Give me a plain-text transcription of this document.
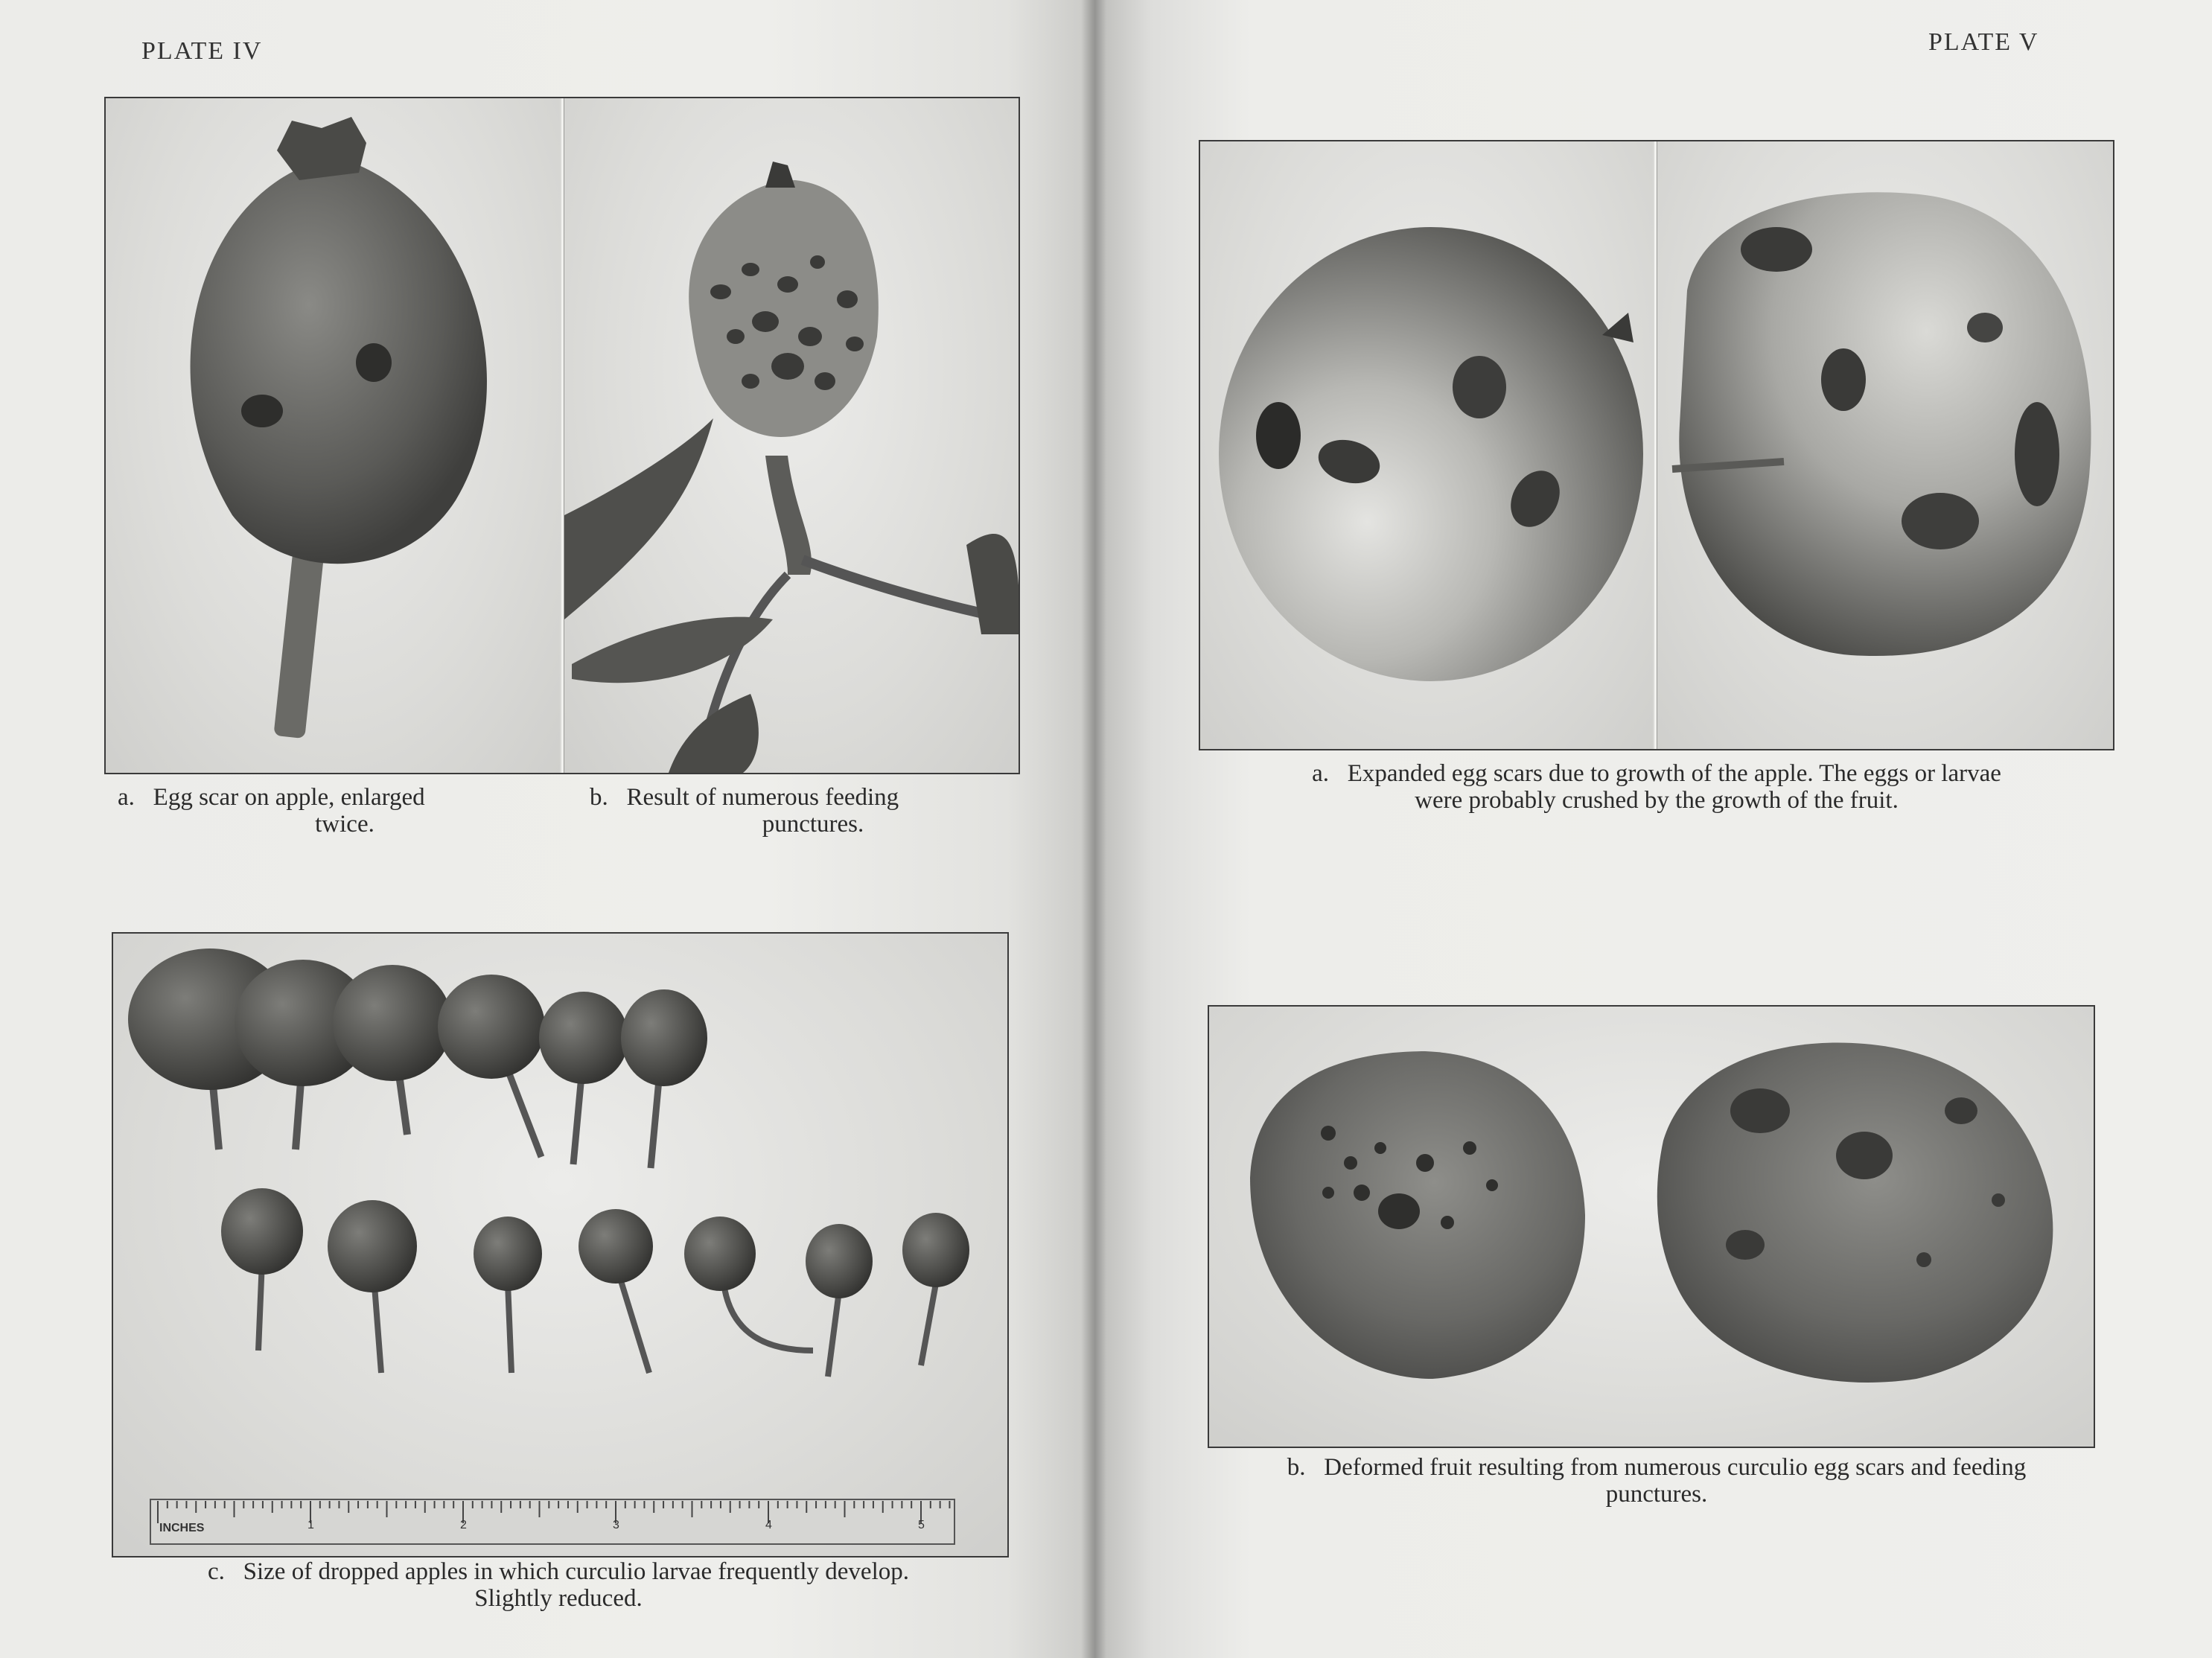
PLATE IV
a. Egg scar on apple, enlarged
twice.
b. Result of numerous feeding
punctures.
INCHES	1	2	3	4	5
c. Size of dropped apples in which curculio larvae frequently develop.
Slightly reduced.
PLATE V
a. Expanded egg scars due to growth of the apple. The eggs or larvae
were probably crushed by the growth of the fruit.
b. Deformed fruit resulting from numerous curculio egg scars and feeding
punctures.
